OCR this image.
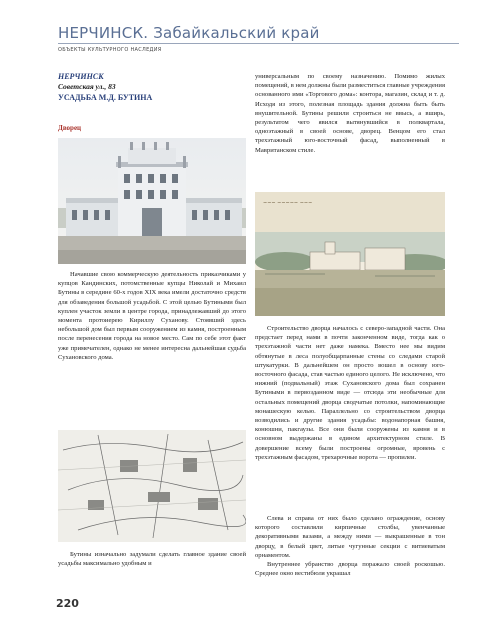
НЕРЧИНСК. Забайкальский край
ОБЪЕКТЫ КУЛЬТУРНОГО НАСЛЕДИЯ
НЕРЧИНСК
Советская ул., 83
УСАДЬБА М.Д. БУТИНА
Дворец

Начавшие свою коммерческую деятельность приказчиками у купцов Кандинских, потомственные купцы Николай и Михаил Бутины в середине 60-х годов XIX века имели достаточно средств для обзаведения большой усадьбой. С этой целью Бутиными был куплен участок земли в центре города, принадлежавший до этого момента протоиерею Кириллу Суханову. Стоявший здесь небольшой дом был первым сооружением из камня, построенным после перенесения города на новое место. Сам по себе этот факт уже примечателен, однако не менее интересна дальнейшая судьба Сухановского дома.

Бутины изначально задумали сделать главное здание своей усадьбы максимально удобным и

универсальным по своему назначению. Помимо жилых помещений, в нем должны были разместиться главные учреждения основанного ими «Торгового дома»: контора, магазин, склад и т. д. Исходя из этого, полезная площадь здания должна быть быть внушительной. Бутины решили строиться не ввысь, а вширь, результатом чего явился вытянувшийся в полквартала, одноэтажный в своей основе, дворец. Венцом его стал трехэтажный юго-восточный фасад, выполненный в Мавританском стиле.

~~~ ~~~~~ ~~~

Строительство дворца началось с северо-западной части. Она предстает перед нами в почти законченном виде, тогда как о трехэтажной части нет даже намека. Вместо нее мы видим обтянутые в леса полуобщарпанные стены со следами старой штукатурки. В дальнейшем он просто вошел в основу юго-восточного фасада, став частью единого целого. Не исключено, что нижний (подвальный) этаж Сухановского дома был сохранен Бутиными в первозданном виде — отсюда эти необычные для остальных помещений дворца сводчатые потолки, напоминающие монашескую келью. Параллельно со строительством дворца возводились и другие здания усадьбы: водонапорная башня, конюшни, пакгаузы. Все они были сооружены из камня и в основном выдержаны в едином архитектурном стиле. В довершение всему были построены огромные, вровень с трехэтажным фасадом, трехарочные ворота — пропилеи.

Слева и справа от них было сделано ограждение, основу которого составляли кирпичные столбы, увенчанные декоративными вазами, а между ними — выкрашенные в тон дворцу, в белый цвет, литые чугунные секции с витиеватым орнаментом.

Внутреннее убранство дворца поражало своей роскошью. Среднее окно вестибюля украшал

220
